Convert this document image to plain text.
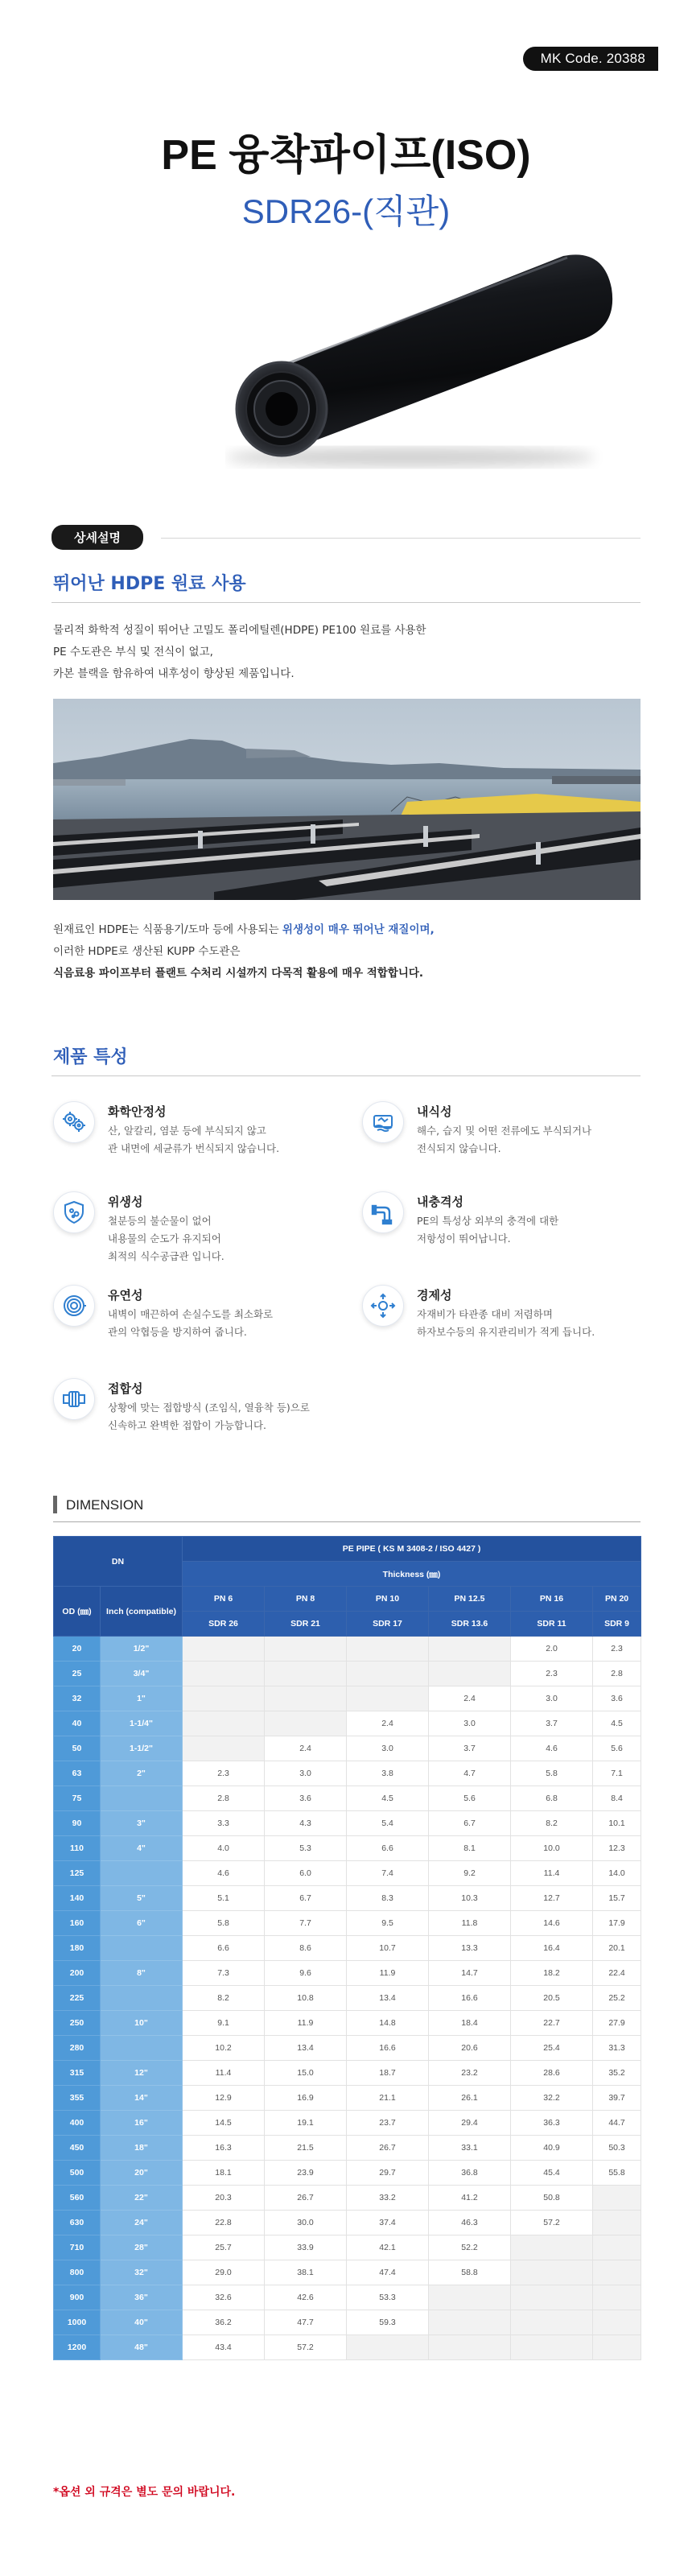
MK Code. 20388
PE 융착파이프(ISO)
SDR26-(직관)
상세설명
뛰어난 HDPE 원료 사용
물리적 화학적 성질이 뛰어난 고밀도 폴리에틸렌(HDPE) PE100 원료를 사용한
PE 수도관은 부식 및 전식이 없고,
카본 블랙을 함유하여 내후성이 향상된 제품입니다.
원재료인 HDPE는 식품용기/도마 등에 사용되는 위생성이 매우 뛰어난 재질이며,
이러한 HDPE로 생산된 KUPP 수도관은
식음료용 파이프부터 플랜트 수처리 시설까지 다목적 활용에 매우 적합합니다.
제품 특성
화학안정성
산, 알칼리, 염분 등에 부식되지 않고
관 내면에 세균류가 번식되지 않습니다.
내식성
해수, 습지 및 어떤 전류에도 부식되거나
전식되지 않습니다.
위생성
철분등의 불순물이 없어
내용물의 순도가 유지되어
최적의 식수공급관 입니다.
내충격성
PE의 특성상 외부의 충격에 대한
저항성이 뛰어납니다.
유연성
내벽이 매끈하여 손실수도를 최소화로
관의 악협등을 방지하여 줍니다.
경제성
자재비가 타관종 대비 저렴하며
하자보수등의 유지관리비가 적게 듭니다.
접합성
상황에 맞는 접합방식 (조임식, 열융착 등)으로
신속하고 완벽한 접합이 가능합니다.
DIMENSION
DN		PE PIPE ( KS M 3408-2 / ISO 4427 )					
		Thickness (㎜)					
OD (㎜)	Inch (compatible)	PN 6	PN 8	PN 10	PN 12.5	PN 16	PN 20
		SDR 26	SDR 21	SDR 17	SDR 13.6	SDR 11	SDR 9
20	1/2"					2.0	2.3
25	3/4"					2.3	2.8
32	1"				2.4	3.0	3.6
40	1-1/4"			2.4	3.0	3.7	4.5
50	1-1/2"		2.4	3.0	3.7	4.6	5.6
63	2"	2.3	3.0	3.8	4.7	5.8	7.1
75		2.8	3.6	4.5	5.6	6.8	8.4
90	3"	3.3	4.3	5.4	6.7	8.2	10.1
110	4"	4.0	5.3	6.6	8.1	10.0	12.3
125		4.6	6.0	7.4	9.2	11.4	14.0
140	5"	5.1	6.7	8.3	10.3	12.7	15.7
160	6"	5.8	7.7	9.5	11.8	14.6	17.9
180		6.6	8.6	10.7	13.3	16.4	20.1
200	8"	7.3	9.6	11.9	14.7	18.2	22.4
225		8.2	10.8	13.4	16.6	20.5	25.2
250	10"	9.1	11.9	14.8	18.4	22.7	27.9
280		10.2	13.4	16.6	20.6	25.4	31.3
315	12"	11.4	15.0	18.7	23.2	28.6	35.2
355	14"	12.9	16.9	21.1	26.1	32.2	39.7
400	16"	14.5	19.1	23.7	29.4	36.3	44.7
450	18"	16.3	21.5	26.7	33.1	40.9	50.3
500	20"	18.1	23.9	29.7	36.8	45.4	55.8
560	22"	20.3	26.7	33.2	41.2	50.8	
630	24"	22.8	30.0	37.4	46.3	57.2	
710	28"	25.7	33.9	42.1	52.2		
800	32"	29.0	38.1	47.4	58.8		
900	36"	32.6	42.6	53.3			
1000	40"	36.2	47.7	59.3			
1200	48"	43.4	57.2				
*옵션 외 규격은 별도 문의 바랍니다.
